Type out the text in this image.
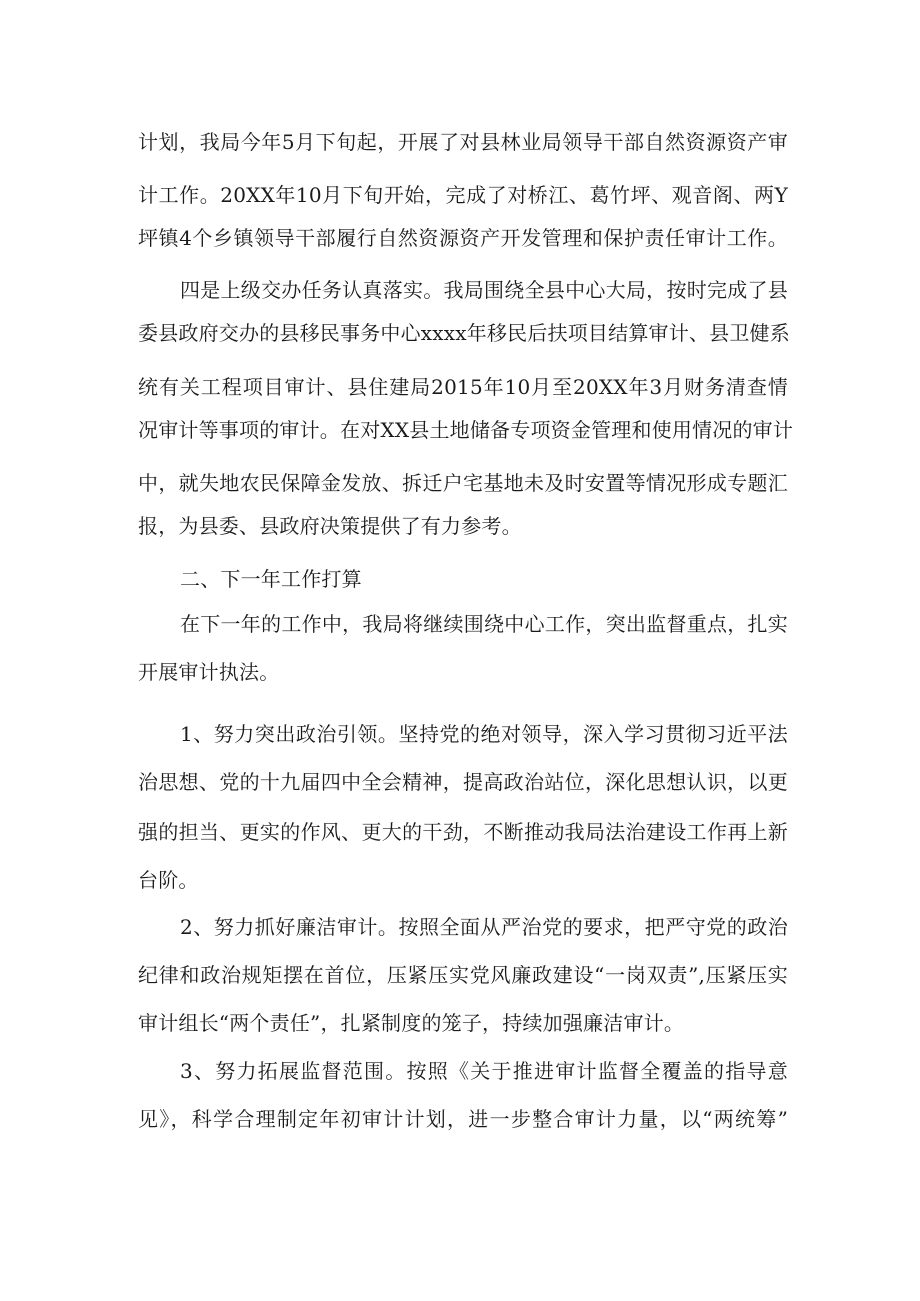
计划，我局今年5月下旬起，开展了对县林业局领导干部自然资源资产审
计工作。20XX年10月下旬开始，完成了对桥江、葛竹坪、观音阁、两Y
坪镇4个乡镇领导干部履行自然资源资产开发管理和保护责任审计工作。
四是上级交办任务认真落实。我局围绕全县中心大局，按时完成了县
委县政府交办的县移民事务中心xxxx年移民后扶项目结算审计、县卫健系
统有关工程项目审计、县住建局2015年10月至20XX年3月财务清查情
况审计等事项的审计。在对XX县土地储备专项资金管理和使用情况的审计
中，就失地农民保障金发放、拆迁户宅基地未及时安置等情况形成专题汇
报，为县委、县政府决策提供了有力参考。
二、下一年工作打算
在下一年的工作中，我局将继续围绕中心工作，突出监督重点，扎实
开展审计执法。
1、努力突出政治引领。坚持党的绝对领导，深入学习贯彻习近平法
治思想、党的十九届四中全会精神，提高政治站位，深化思想认识，以更
强的担当、更实的作风、更大的干劲，不断推动我局法治建设工作再上新
台阶。
2、努力抓好廉洁审计。按照全面从严治党的要求，把严守党的政治
纪律和政治规矩摆在首位，压紧压实党风廉政建设“一岗双责”,压紧压实
审计组长“两个责任”，扎紧制度的笼子，持续加强廉洁审计。
3、努力拓展监督范围。按照《关于推进审计监督全覆盖的指导意
见》，科学合理制定年初审计计划，进一步整合审计力量，以“两统筹”
